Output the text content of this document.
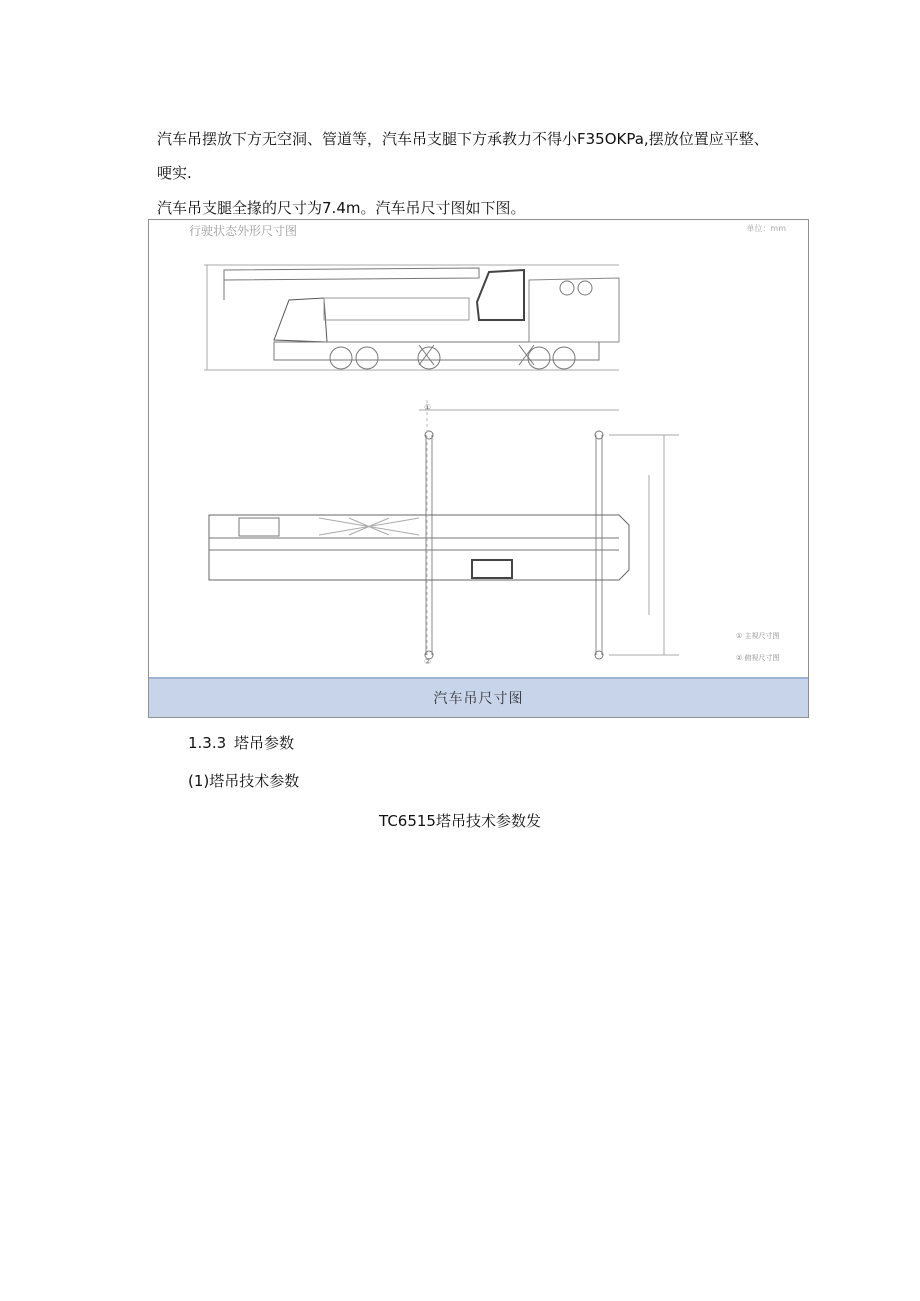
汽车吊摆放下方无空洞、管道等，汽车吊支腿下方承教力不得小F35OKPa,摆放位置应平整、
哽实.
汽车吊支腿全掾的尺寸为7.4m。汽车吊尺寸图如下图。
行驶状态外形尺寸图	单位：mm
①
②
① 主视尺寸图
② 俯视尺寸图
汽车吊尺寸图
1.3.3 塔吊参数
(1)塔吊技术参数
TC6515塔吊技术参数发
